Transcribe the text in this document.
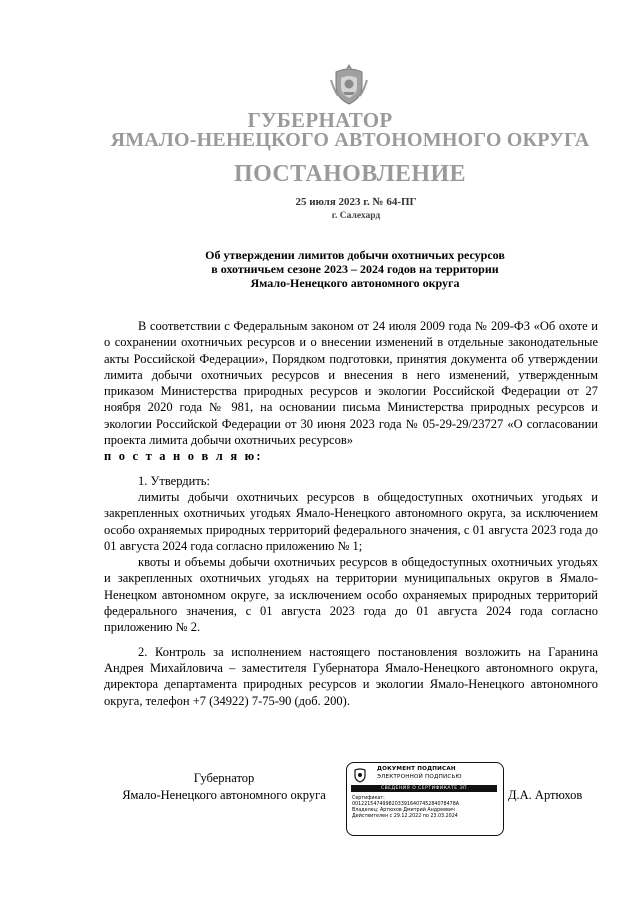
ГУБЕРНАТОР
ЯМАЛО-НЕНЕЦКОГО АВТОНОМНОГО ОКРУГА
ПОСТАНОВЛЕНИЕ
25 июля 2023 г. № 64-ПГ
г. Салехард
Об утверждении лимитов добычи охотничьих ресурсов
в охотничьем сезоне 2023 – 2024 годов на территории
Ямало-Ненецкого автономного округа

В соответствии с Федеральным законом от 24 июля 2009 года № 209-ФЗ «Об охоте и о сохранении охотничьих ресурсов и о внесении изменений в отдельные законодательные акты Российской Федерации», Порядком подготовки, принятия документа об утверждении лимита добычи охотничьих ресурсов и внесения в него изменений, утвержденным приказом Министерства природных ресурсов и экологии Российской Федерации от 27 ноября 2020 года № 981, на основании письма Министерства природных ресурсов и экологии Российской Федерации от 30 июня 2023 года № 05-29-29/23727 «О согласовании проекта лимита добычи охотничьих ресурсов»

п о с т а н о в л я ю:

1. Утвердить:

лимиты добычи охотничьих ресурсов в общедоступных охотничьих угодьях и закрепленных охотничьих угодьях Ямало-Ненецкого автономного округа, за исключением особо охраняемых природных территорий федерального значения, с 01 августа 2023 года до 01 августа 2024 года согласно приложению № 1;

квоты и объемы добычи охотничьих ресурсов в общедоступных охотничьих угодьях и закрепленных охотничьих угодьях на территории муниципальных округов в Ямало-Ненецком автономном округе, за исключением особо охраняемых природных территорий федерального значения, с 01 августа 2023 года до 01 августа 2024 года согласно приложению № 2.

2. Контроль за исполнением настоящего постановления возложить на Гаранина Андрея Михайловича – заместителя Губернатора Ямало-Ненецкого автономного округа, директора департамента природных ресурсов и экологии Ямало-Ненецкого автономного округа, телефон +7 (34922) 7-75-90 (доб. 200).

Губернатор
Ямало-Ненецкого автономного округа
ДОКУМЕНТ ПОДПИСАН
ЭЛЕКТРОННОЙ ПОДПИСЬЮ
СВЕДЕНИЯ О СЕРТИФИКАТЕ ЭП
Сертификат:
0012215474998203391640745284078478А
Владелец: Артюхов Дмитрий Андреевич
Действителен с 29.12.2022 по 23.03.2024
Д.А. Артюхов
